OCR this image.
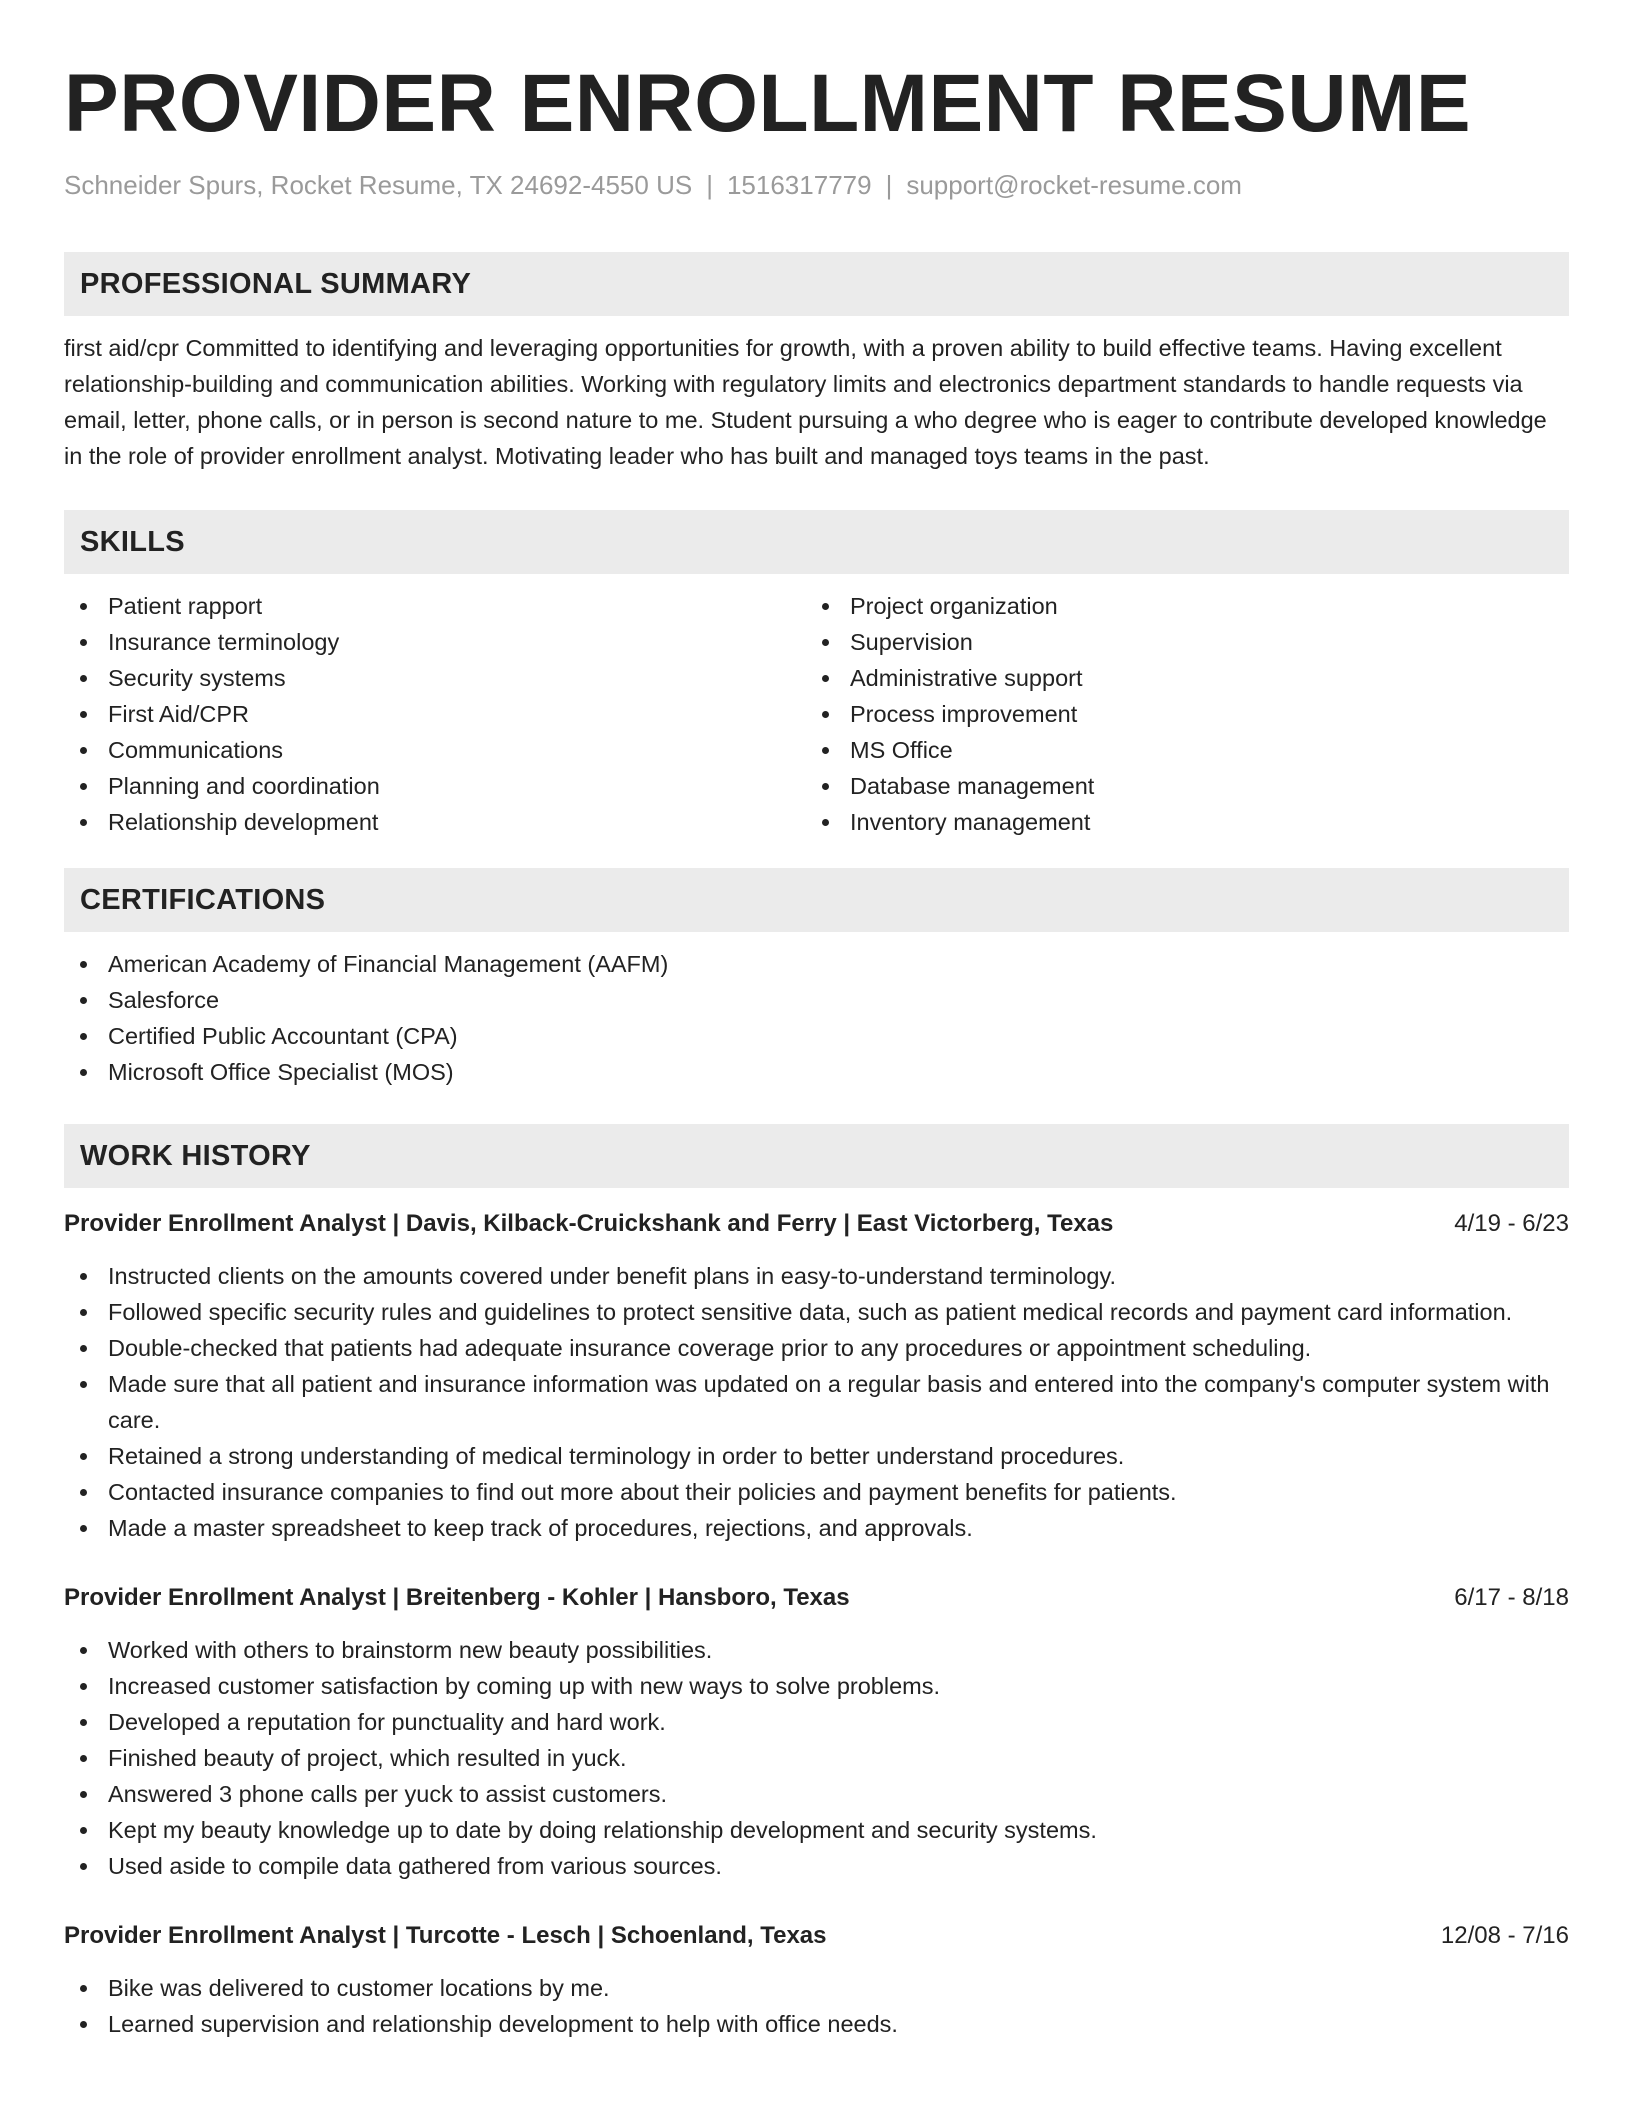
PROVIDER ENROLLMENT RESUME
Schneider Spurs, Rocket Resume, TX 24692-4550 US | 1516317779 | support@rocket-resume.com
PROFESSIONAL SUMMARY

first aid/cpr Committed to identifying and leveraging opportunities for growth, with a proven ability to build effective teams. Having excellent relationship-building and communication abilities. Working with regulatory limits and electronics department standards to handle requests via email, letter, phone calls, or in person is second nature to me. Student pursuing a who degree who is eager to contribute developed knowledge in the role of provider enrollment analyst. Motivating leader who has built and managed toys teams in the past.

SKILLS
Patient rapport
Insurance terminology
Security systems
First Aid/CPR
Communications
Planning and coordination
Relationship development
Project organization
Supervision
Administrative support
Process improvement
MS Office
Database management
Inventory management
CERTIFICATIONS
American Academy of Financial Management (AAFM)
Salesforce
Certified Public Accountant (CPA)
Microsoft Office Specialist (MOS)
WORK HISTORY
Provider Enrollment Analyst | Davis, Kilback-Cruickshank and Ferry | East Victorberg, Texas	4/19 - 6/23
Instructed clients on the amounts covered under benefit plans in easy-to-understand terminology.
Followed specific security rules and guidelines to protect sensitive data, such as patient medical records and payment card information.
Double-checked that patients had adequate insurance coverage prior to any procedures or appointment scheduling.
Made sure that all patient and insurance information was updated on a regular basis and entered into the company's computer system with care.
Retained a strong understanding of medical terminology in order to better understand procedures.
Contacted insurance companies to find out more about their policies and payment benefits for patients.
Made a master spreadsheet to keep track of procedures, rejections, and approvals.
Provider Enrollment Analyst | Breitenberg - Kohler | Hansboro, Texas	6/17 - 8/18
Worked with others to brainstorm new beauty possibilities.
Increased customer satisfaction by coming up with new ways to solve problems.
Developed a reputation for punctuality and hard work.
Finished beauty of project, which resulted in yuck.
Answered 3 phone calls per yuck to assist customers.
Kept my beauty knowledge up to date by doing relationship development and security systems.
Used aside to compile data gathered from various sources.
Provider Enrollment Analyst | Turcotte - Lesch | Schoenland, Texas	12/08 - 7/16
Bike was delivered to customer locations by me.
Learned supervision and relationship development to help with office needs.
